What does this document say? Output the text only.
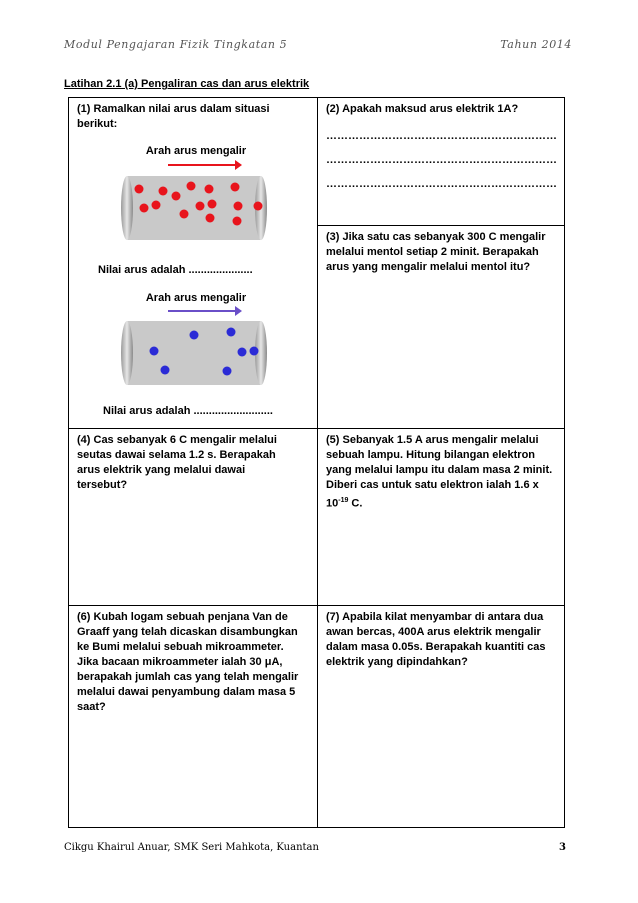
Modul Pengajaran Fizik Tingkatan 5	Tahun 2014
Latihan 2.1 (a) Pengaliran cas dan arus elektrik
(1) Ramalkan nilai arus dalam situasi berikut:
Arah arus mengalir
Nilai arus adalah .....................
Arah arus mengalir
Nilai arus adalah ..........................
(2) Apakah maksud arus elektrik 1A?
………………………………………………………
………………………………………………………
………………………………………………………
(3) Jika satu cas sebanyak 300 C mengalir melalui mentol setiap 2 minit. Berapakah arus yang mengalir melalui mentol itu?
(4) Cas sebanyak 6 C mengalir melalui seutas dawai selama 1.2 s. Berapakah arus elektrik yang melalui dawai tersebut?
(5) Sebanyak 1.5 A arus mengalir melalui sebuah lampu. Hitung bilangan elektron yang melalui lampu itu dalam masa 2 minit. Diberi cas untuk satu elektron ialah 1.6 x $10^{-19}$ C.
(6) Kubah logam sebuah penjana Van de Graaff yang telah dicaskan disambungkan ke Bumi melalui sebuah mikroammeter. Jika bacaan mikroammeter ialah 30 μA, berapakah jumlah cas yang telah mengalir melalui dawai penyambung dalam masa 5 saat?
(7) Apabila kilat menyambar di antara dua awan bercas, 400A arus elektrik mengalir dalam masa 0.05s. Berapakah kuantiti cas elektrik yang dipindahkan?
Cikgu Khairul Anuar, SMK Seri Mahkota, Kuantan	3
